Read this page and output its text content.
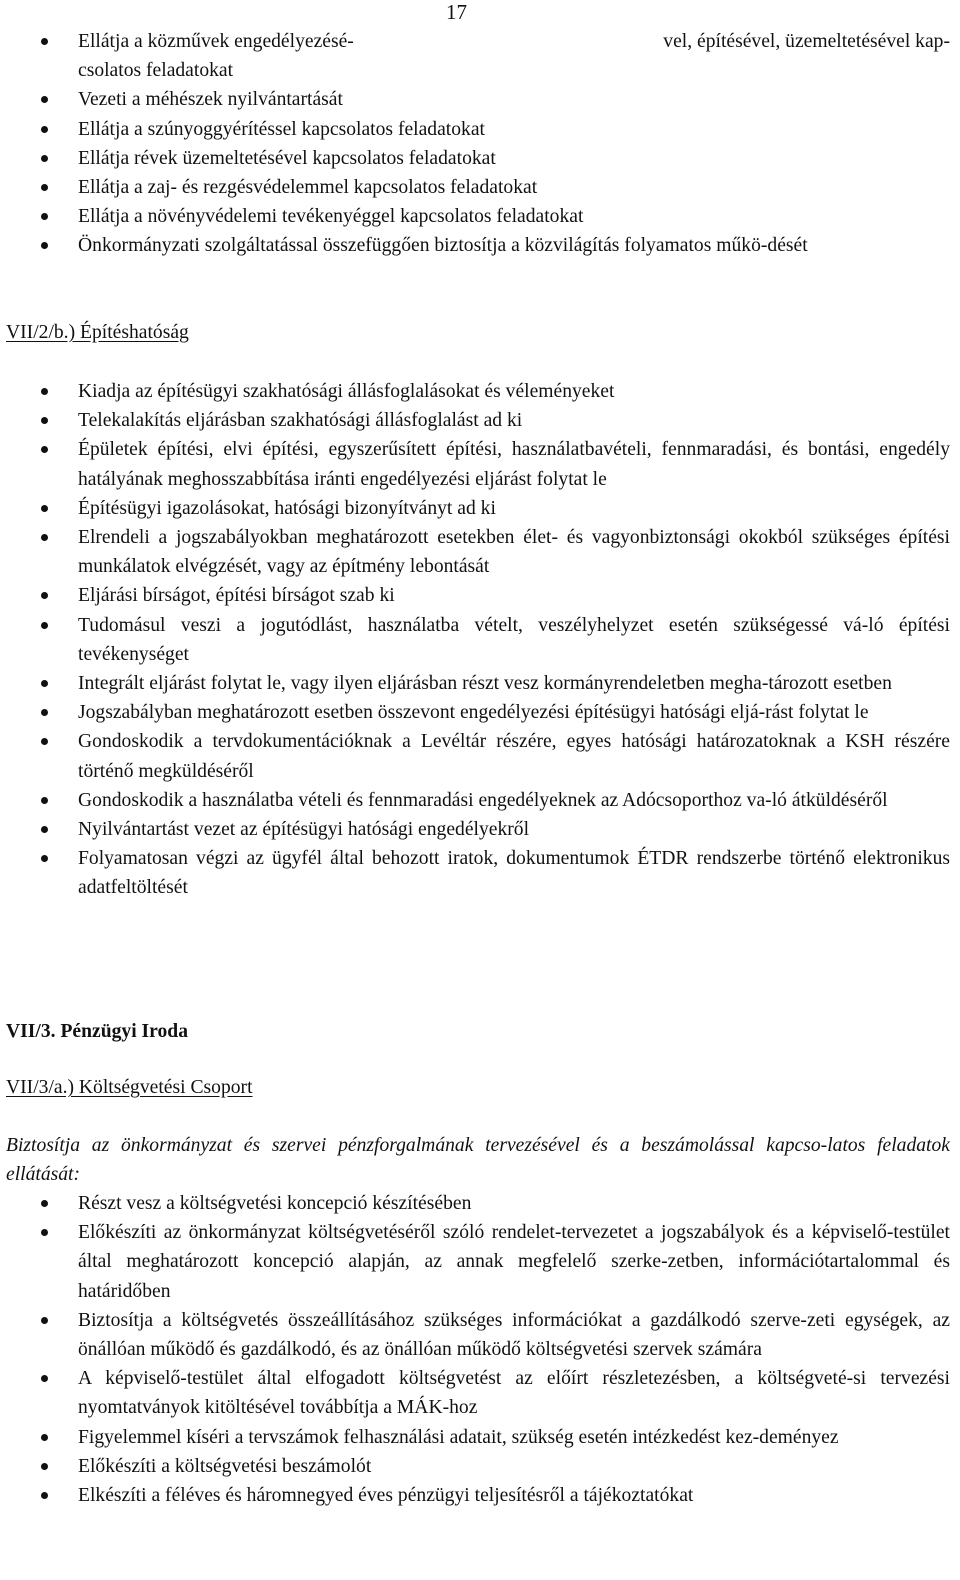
17
Ellátja a közművek engedélyezésé-	vel, építésével, üzemeltetésével kap-
csolatos feladatokat
Vezeti a méhészek nyilvántartását
Ellátja a szúnyoggyérítéssel kapcsolatos feladatokat
Ellátja révek üzemeltetésével kapcsolatos feladatokat
Ellátja a zaj- és rezgésvédelemmel kapcsolatos feladatokat
Ellátja a növényvédelemi tevékenyéggel kapcsolatos feladatokat
Önkormányzati szolgáltatással összefüggően biztosítja a közvilágítás folyamatos műkö-dését
VII/2/b.) Építéshatóság
Kiadja az építésügyi szakhatósági állásfoglalásokat és véleményeket
Telekalakítás eljárásban szakhatósági állásfoglalást ad ki
Épületek építési, elvi építési, egyszerűsített építési, használatbavételi, fennmaradási, és bontási, engedély hatályának meghosszabbítása iránti engedélyezési eljárást folytat le
Építésügyi igazolásokat, hatósági bizonyítványt ad ki
Elrendeli a jogszabályokban meghatározott esetekben élet- és vagyonbiztonsági okokból szükséges építési munkálatok elvégzését, vagy az építmény lebontását
Eljárási bírságot, építési bírságot szab ki
Tudomásul veszi a jogutódlást, használatba vételt, veszélyhelyzet esetén szükségessé vá-ló építési tevékenységet
Integrált eljárást folytat le, vagy ilyen eljárásban részt vesz kormányrendeletben megha-tározott esetben
Jogszabályban meghatározott esetben összevont engedélyezési építésügyi hatósági eljá-rást folytat le
Gondoskodik a tervdokumentációknak a Levéltár részére, egyes hatósági határozatoknak a KSH részére történő megküldéséről
Gondoskodik a használatba vételi és fennmaradási engedélyeknek az Adócsoporthoz va-ló átküldéséről
Nyilvántartást vezet az építésügyi hatósági engedélyekről
Folyamatosan végzi az ügyfél által behozott iratok, dokumentumok ÉTDR rendszerbe történő elektronikus adatfeltöltését
VII/3. Pénzügyi Iroda
VII/3/a.) Költségvetési Csoport
Biztosítja az önkormányzat és szervei pénzforgalmának tervezésével és a beszámolással kapcso-latos feladatok ellátását:
Részt vesz a költségvetési koncepció készítésében
Előkészíti az önkormányzat költségvetéséről szóló rendelet-tervezetet a jogszabályok és a képviselő-testület által meghatározott koncepció alapján, az annak megfelelő szerke-zetben, információtartalommal és határidőben
Biztosítja a költségvetés összeállításához szükséges információkat a gazdálkodó szerve-zeti egységek, az önállóan működő és gazdálkodó, és az önállóan működő költségvetési szervek számára
A képviselő-testület által elfogadott költségvetést az előírt részletezésben, a költségveté-si tervezési nyomtatványok kitöltésével továbbítja a MÁK-hoz
Figyelemmel kíséri a tervszámok felhasználási adatait, szükség esetén intézkedést kez-deményez
Előkészíti a költségvetési beszámolót
Elkészíti a féléves és háromnegyed éves pénzügyi teljesítésről a tájékoztatókat
